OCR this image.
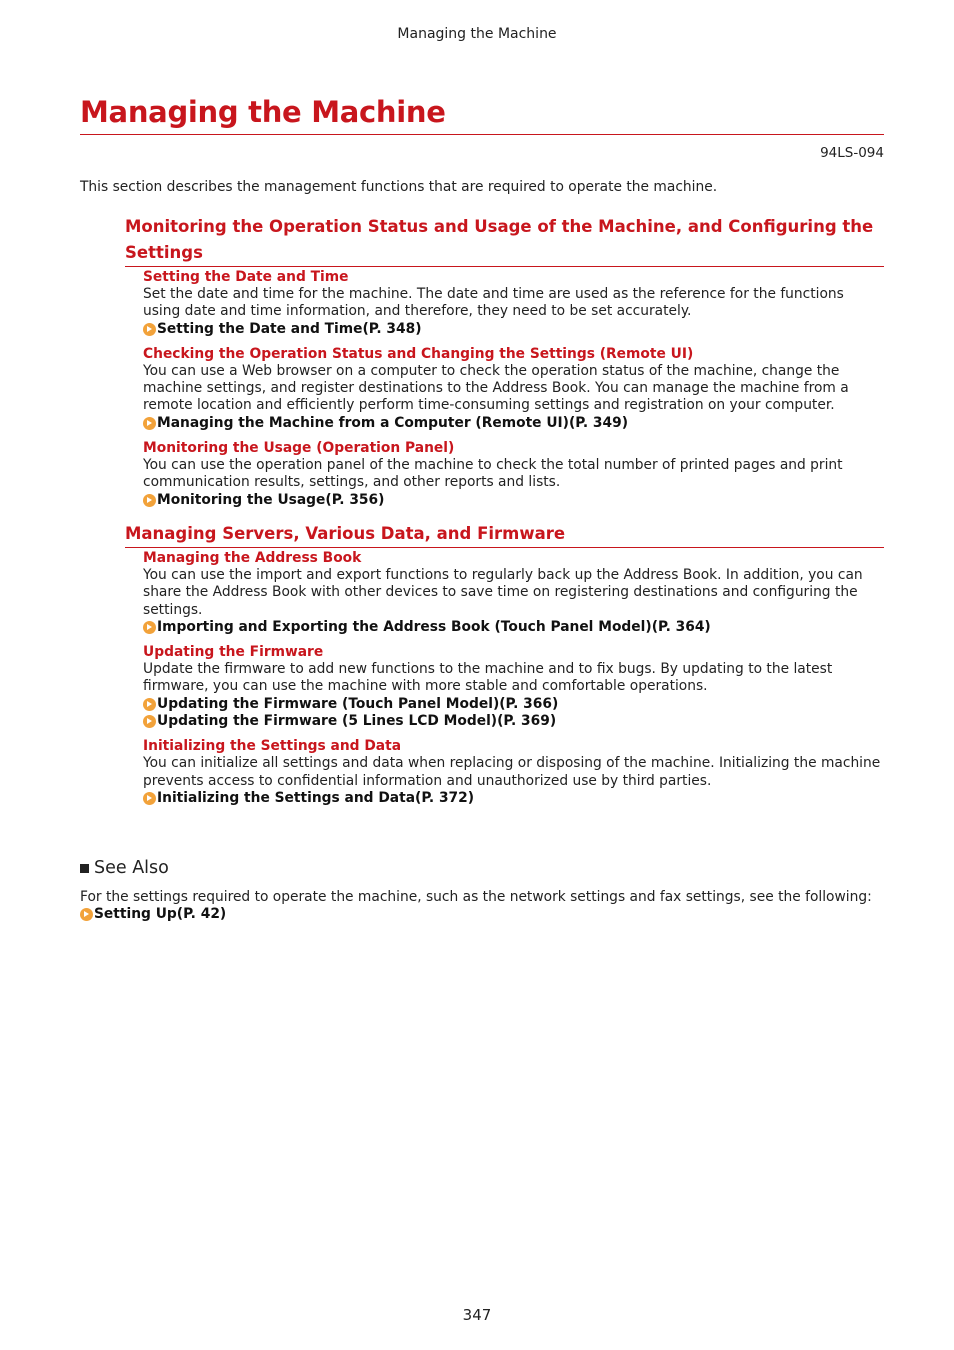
Managing the Machine
Managing the Machine
94LS-094
This section describes the management functions that are required to operate the machine.
Monitoring the Operation Status and Usage of the Machine, and Configuring the Settings
Setting the Date and Time
Set the date and time for the machine. The date and time are used as the reference for the functions using date and time information, and therefore, they need to be set accurately.
Setting the Date and Time(P. 348)
Checking the Operation Status and Changing the Settings (Remote UI)
You can use a Web browser on a computer to check the operation status of the machine, change the machine settings, and register destinations to the Address Book. You can manage the machine from a remote location and efficiently perform time-consuming settings and registration on your computer.
Managing the Machine from a Computer (Remote UI)(P. 349)
Monitoring the Usage (Operation Panel)
You can use the operation panel of the machine to check the total number of printed pages and print communication results, settings, and other reports and lists.
Monitoring the Usage(P. 356)
Managing Servers, Various Data, and Firmware
Managing the Address Book
You can use the import and export functions to regularly back up the Address Book. In addition, you can share the Address Book with other devices to save time on registering destinations and configuring the settings.
Importing and Exporting the Address Book (Touch Panel Model)(P. 364)
Updating the Firmware
Update the firmware to add new functions to the machine and to fix bugs. By updating to the latest firmware, you can use the machine with more stable and comfortable operations.
Updating the Firmware (Touch Panel Model)(P. 366)
Updating the Firmware (5 Lines LCD Model)(P. 369)
Initializing the Settings and Data
You can initialize all settings and data when replacing or disposing of the machine. Initializing the machine prevents access to confidential information and unauthorized use by third parties.
Initializing the Settings and Data(P. 372)
See Also
For the settings required to operate the machine, such as the network settings and fax settings, see the following:
Setting Up(P. 42)
347
